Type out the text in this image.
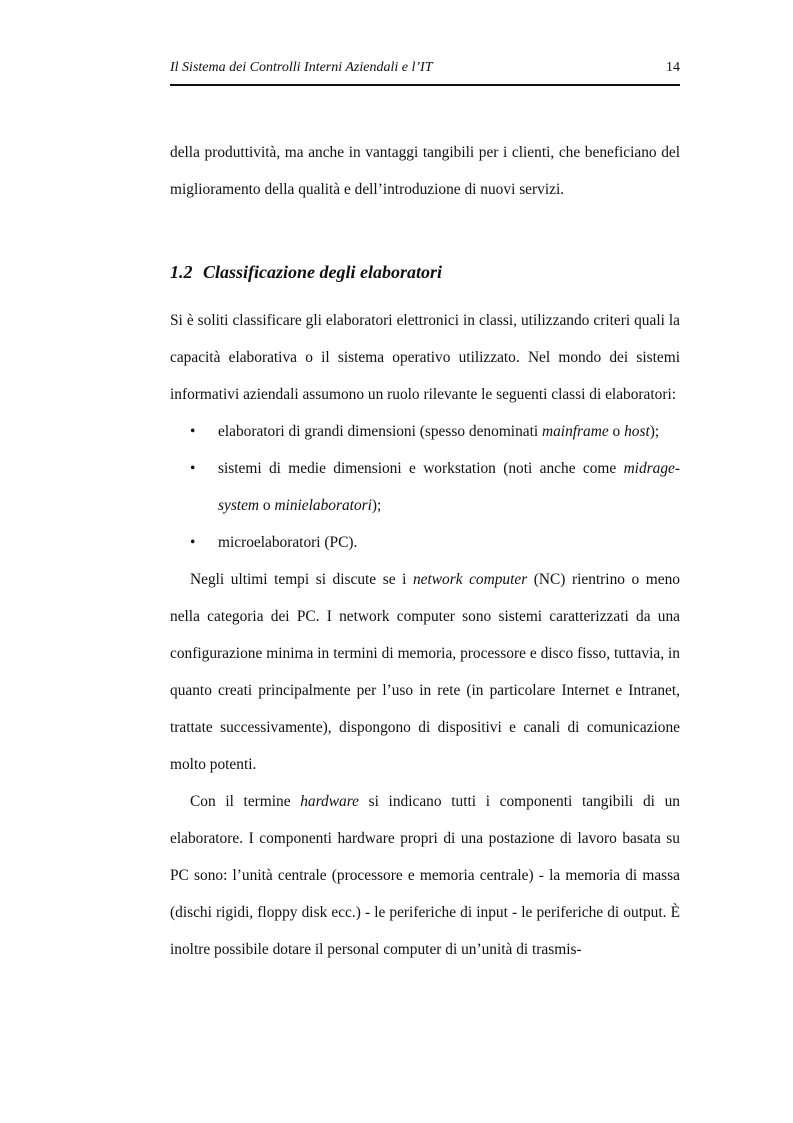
Il Sistema dei Controlli Interni Aziendali e l’IT	14

della produttività, ma anche in vantaggi tangibili per i clienti, che beneficiano del miglioramento della qualità e dell’introduzione di nuovi servizi.

1.2 Classificazione degli elaboratori

Si è soliti classificare gli elaboratori elettronici in classi, utilizzando criteri quali la capacità elaborativa o il sistema operativo utilizzato. Nel mondo dei sistemi informativi aziendali assumono un ruolo rilevante le seguenti classi di elaboratori:

• elaboratori di grandi dimensioni (spesso denominati mainframe o host);
• sistemi di medie dimensioni e workstation (noti anche come midrage-system o minielaboratori);
• microelaboratori (PC).

Negli ultimi tempi si discute se i network computer (NC) rientrino o meno nella categoria dei PC. I network computer sono sistemi caratterizzati da una configurazione minima in termini di memoria, processore e disco fisso, tuttavia, in quanto creati principalmente per l’uso in rete (in particolare Internet e Intranet, trattate successivamente), dispongono di dispositivi e canali di comunicazione molto potenti.

Con il termine hardware si indicano tutti i componenti tangibili di un elaboratore. I componenti hardware propri di una postazione di lavoro basata su PC sono: l’unità centrale (processore e memoria centrale) - la memoria di massa (dischi rigidi, floppy disk ecc.) - le periferiche di input - le periferiche di output. È inoltre possibile dotare il personal computer di un’unità di trasmis-
